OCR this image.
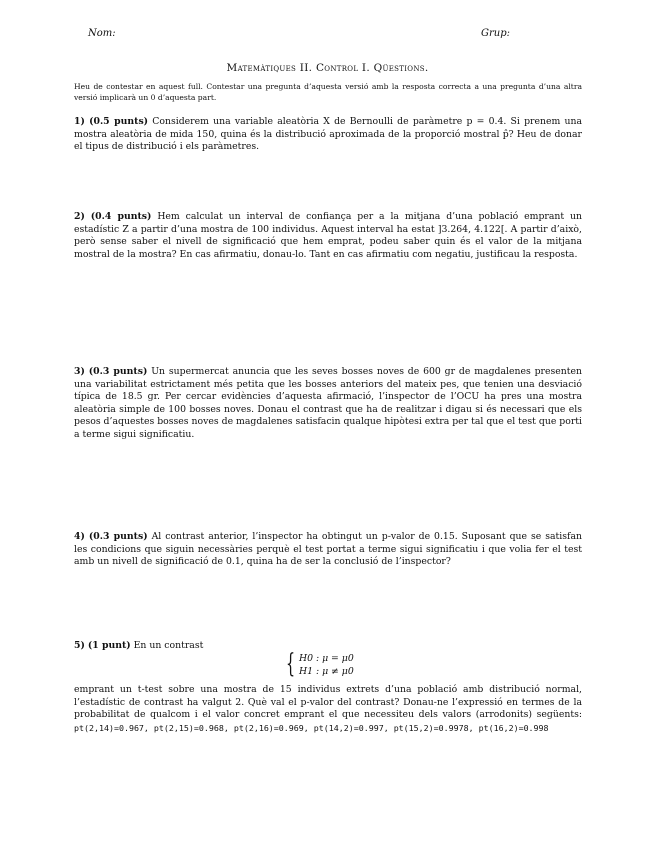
Nom:	Grup:
Matemàtiques II. Control I. Qüestions.
Heu de contestar en aquest full. Contestar una pregunta d’aquesta versió amb la resposta correcta a una pregunta d’una altra versió implicarà un 0 d’aquesta part.
1) (0.5 punts) Considerem una variable aleatòria X de Bernoulli de paràmetre p = 0.4. Si prenem una mostra aleatòria de mida 150, quina és la distribució aproximada de la proporció mostral p̂? Heu de donar el tipus de distribució i els paràmetres.
2) (0.4 punts) Hem calculat un interval de confiança per a la mitjana d’una població emprant un estadístic Z a partir d’una mostra de 100 individus. Aquest interval ha estat ]3.264, 4.122[. A partir d’això, però sense saber el nivell de significació que hem emprat, podeu saber quin és el valor de la mitjana mostral de la mostra? En cas afirmatiu, donau-lo. Tant en cas afirmatiu com negatiu, justificau la resposta.
3) (0.3 punts) Un supermercat anuncia que les seves bosses noves de 600 gr de magdalenes presenten una variabilitat estrictament més petita que les bosses anteriors del mateix pes, que tenien una desviació típica de 18.5 gr. Per cercar evidències d’aquesta afirmació, l’inspector de l’OCU ha pres una mostra aleatòria simple de 100 bosses noves. Donau el contrast que ha de realitzar i digau si és necessari que els pesos d’aquestes bosses noves de magdalenes satisfacin qualque hipòtesi extra per tal que el test que porti a terme sigui significatiu.
4) (0.3 punts) Al contrast anterior, l’inspector ha obtingut un p-valor de 0.15. Suposant que se satisfan les condicions que siguin necessàries perquè el test portat a terme sigui significatiu i que volia fer el test amb un nivell de significació de 0.1, quina ha de ser la conclusió de l’inspector?
5) (1 punt) En un contrast
{ H0 : μ = μ0
H1 : μ ≠ μ0
emprant un t-test sobre una mostra de 15 individus extrets d’una població amb distribució normal, l’estadístic de contrast ha valgut 2. Què val el p-valor del contrast? Donau-ne l’expressió en termes de la probabilitat de qualcom i el valor concret emprant el que necessiteu dels valors (arrodonits) següents: pt(2,14)=0.967, pt(2,15)=0.968, pt(2,16)=0.969, pt(14,2)=0.997, pt(15,2)=0.9978, pt(16,2)=0.998
